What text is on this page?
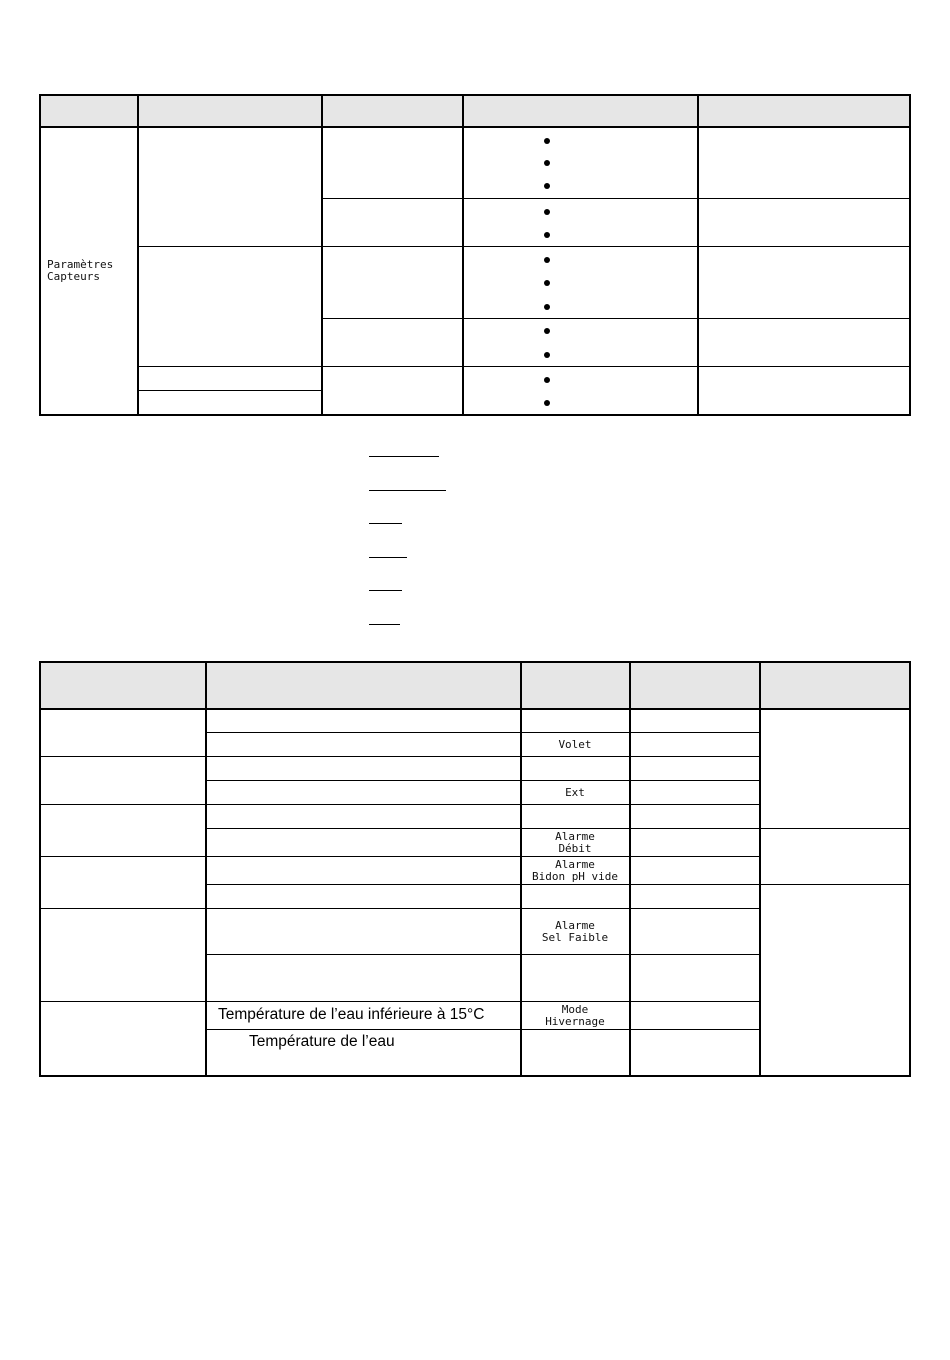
Paramètres
Capteurs
Volet
Ext
Alarme
Débit
Alarme
Bidon pH vide
Alarme
Sel Faible
Mode
Hivernage
Température de l’eau inférieure à 15°C
Température de l’eau
